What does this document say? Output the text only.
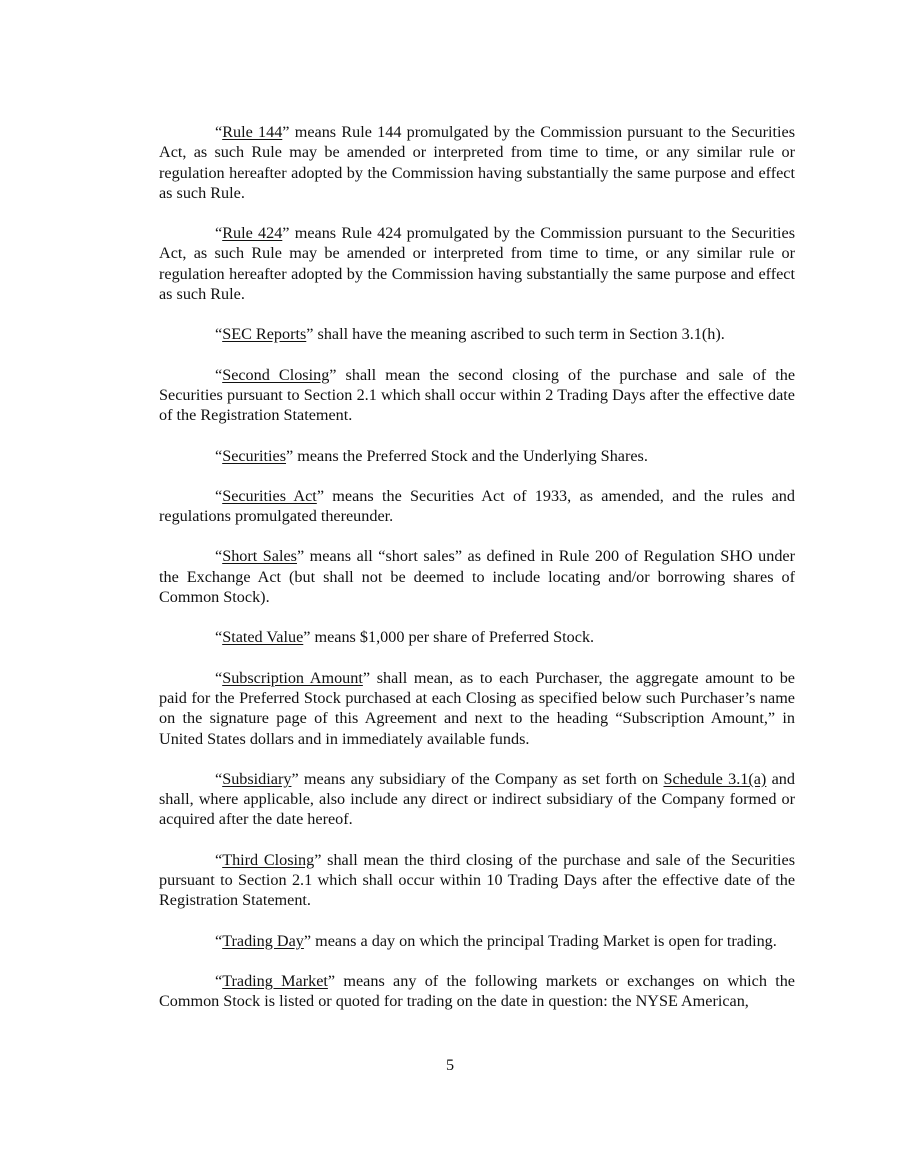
“Rule 144” means Rule 144 promulgated by the Commission pursuant to the Securities Act, as such Rule may be amended or interpreted from time to time, or any similar rule or regulation hereafter adopted by the Commission having substantially the same purpose and effect as such Rule.

“Rule 424” means Rule 424 promulgated by the Commission pursuant to the Securities Act, as such Rule may be amended or interpreted from time to time, or any similar rule or regulation hereafter adopted by the Commission having substantially the same purpose and effect as such Rule.

“SEC Reports” shall have the meaning ascribed to such term in Section 3.1(h).

“Second Closing” shall mean the second closing of the purchase and sale of the Securities pursuant to Section 2.1 which shall occur within 2 Trading Days after the effective date of the Registration Statement.

“Securities” means the Preferred Stock and the Underlying Shares.

“Securities Act” means the Securities Act of 1933, as amended, and the rules and regulations promulgated thereunder.

“Short Sales” means all “short sales” as defined in Rule 200 of Regulation SHO under the Exchange Act (but shall not be deemed to include locating and/or borrowing shares of Common Stock).

“Stated Value” means $1,000 per share of Preferred Stock.

“Subscription Amount” shall mean, as to each Purchaser, the aggregate amount to be paid for the Preferred Stock purchased at each Closing as specified below such Purchaser’s name on the signature page of this Agreement and next to the heading “Subscription Amount,” in United States dollars and in immediately available funds.

“Subsidiary” means any subsidiary of the Company as set forth on Schedule 3.1(a) and shall, where applicable, also include any direct or indirect subsidiary of the Company formed or acquired after the date hereof.

“Third Closing” shall mean the third closing of the purchase and sale of the Securities pursuant to Section 2.1 which shall occur within 10 Trading Days after the effective date of the Registration Statement.

“Trading Day” means a day on which the principal Trading Market is open for trading.

“Trading Market” means any of the following markets or exchanges on which the Common Stock is listed or quoted for trading on the date in question: the NYSE American,

5
